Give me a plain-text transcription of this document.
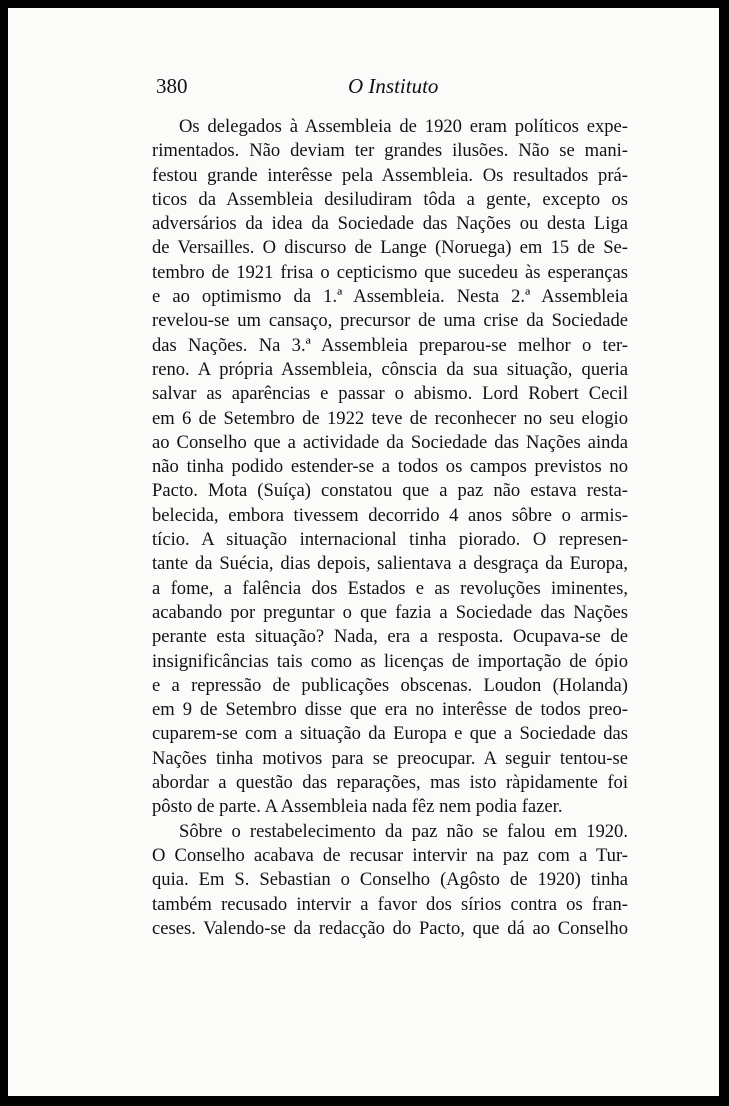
380	O Instituto
Os delegados à Assembleia de 1920 eram políticos expe-
rimentados. Não deviam ter grandes ilusões. Não se mani-
festou grande interêsse pela Assembleia. Os resultados prá-
ticos da Assembleia desiludiram tôda a gente, excepto os
adversários da idea da Sociedade das Nações ou desta Liga
de Versailles. O discurso de Lange (Noruega) em 15 de Se-
tembro de 1921 frisa o cepticismo que sucedeu às esperanças
e ao optimismo da 1.ª Assembleia. Nesta 2.ª Assembleia
revelou-se um cansaço, precursor de uma crise da Sociedade
das Nações. Na 3.ª Assembleia preparou-se melhor o ter-
reno. A própria Assembleia, cônscia da sua situação, queria
salvar as aparências e passar o abismo. Lord Robert Cecil
em 6 de Setembro de 1922 teve de reconhecer no seu elogio
ao Conselho que a actividade da Sociedade das Nações ainda
não tinha podido estender-se a todos os campos previstos no
Pacto. Mota (Suíça) constatou que a paz não estava resta-
belecida, embora tivessem decorrido 4 anos sôbre o armis-
tício. A situação internacional tinha piorado. O represen-
tante da Suécia, dias depois, salientava a desgraça da Europa,
a fome, a falência dos Estados e as revoluções iminentes,
acabando por preguntar o que fazia a Sociedade das Nações
perante esta situação? Nada, era a resposta. Ocupava-se de
insignificâncias tais como as licenças de importação de ópio
e a repressão de publicações obscenas. Loudon (Holanda)
em 9 de Setembro disse que era no interêsse de todos preo-
cuparem-se com a situação da Europa e que a Sociedade das
Nações tinha motivos para se preocupar. A seguir tentou-se
abordar a questão das reparações, mas isto ràpidamente foi
pôsto de parte. A Assembleia nada fêz nem podia fazer.
Sôbre o restabelecimento da paz não se falou em 1920.
O Conselho acabava de recusar intervir na paz com a Tur-
quia. Em S. Sebastian o Conselho (Agôsto de 1920) tinha
também recusado intervir a favor dos sírios contra os fran-
ceses. Valendo-se da redacção do Pacto, que dá ao Conselho
